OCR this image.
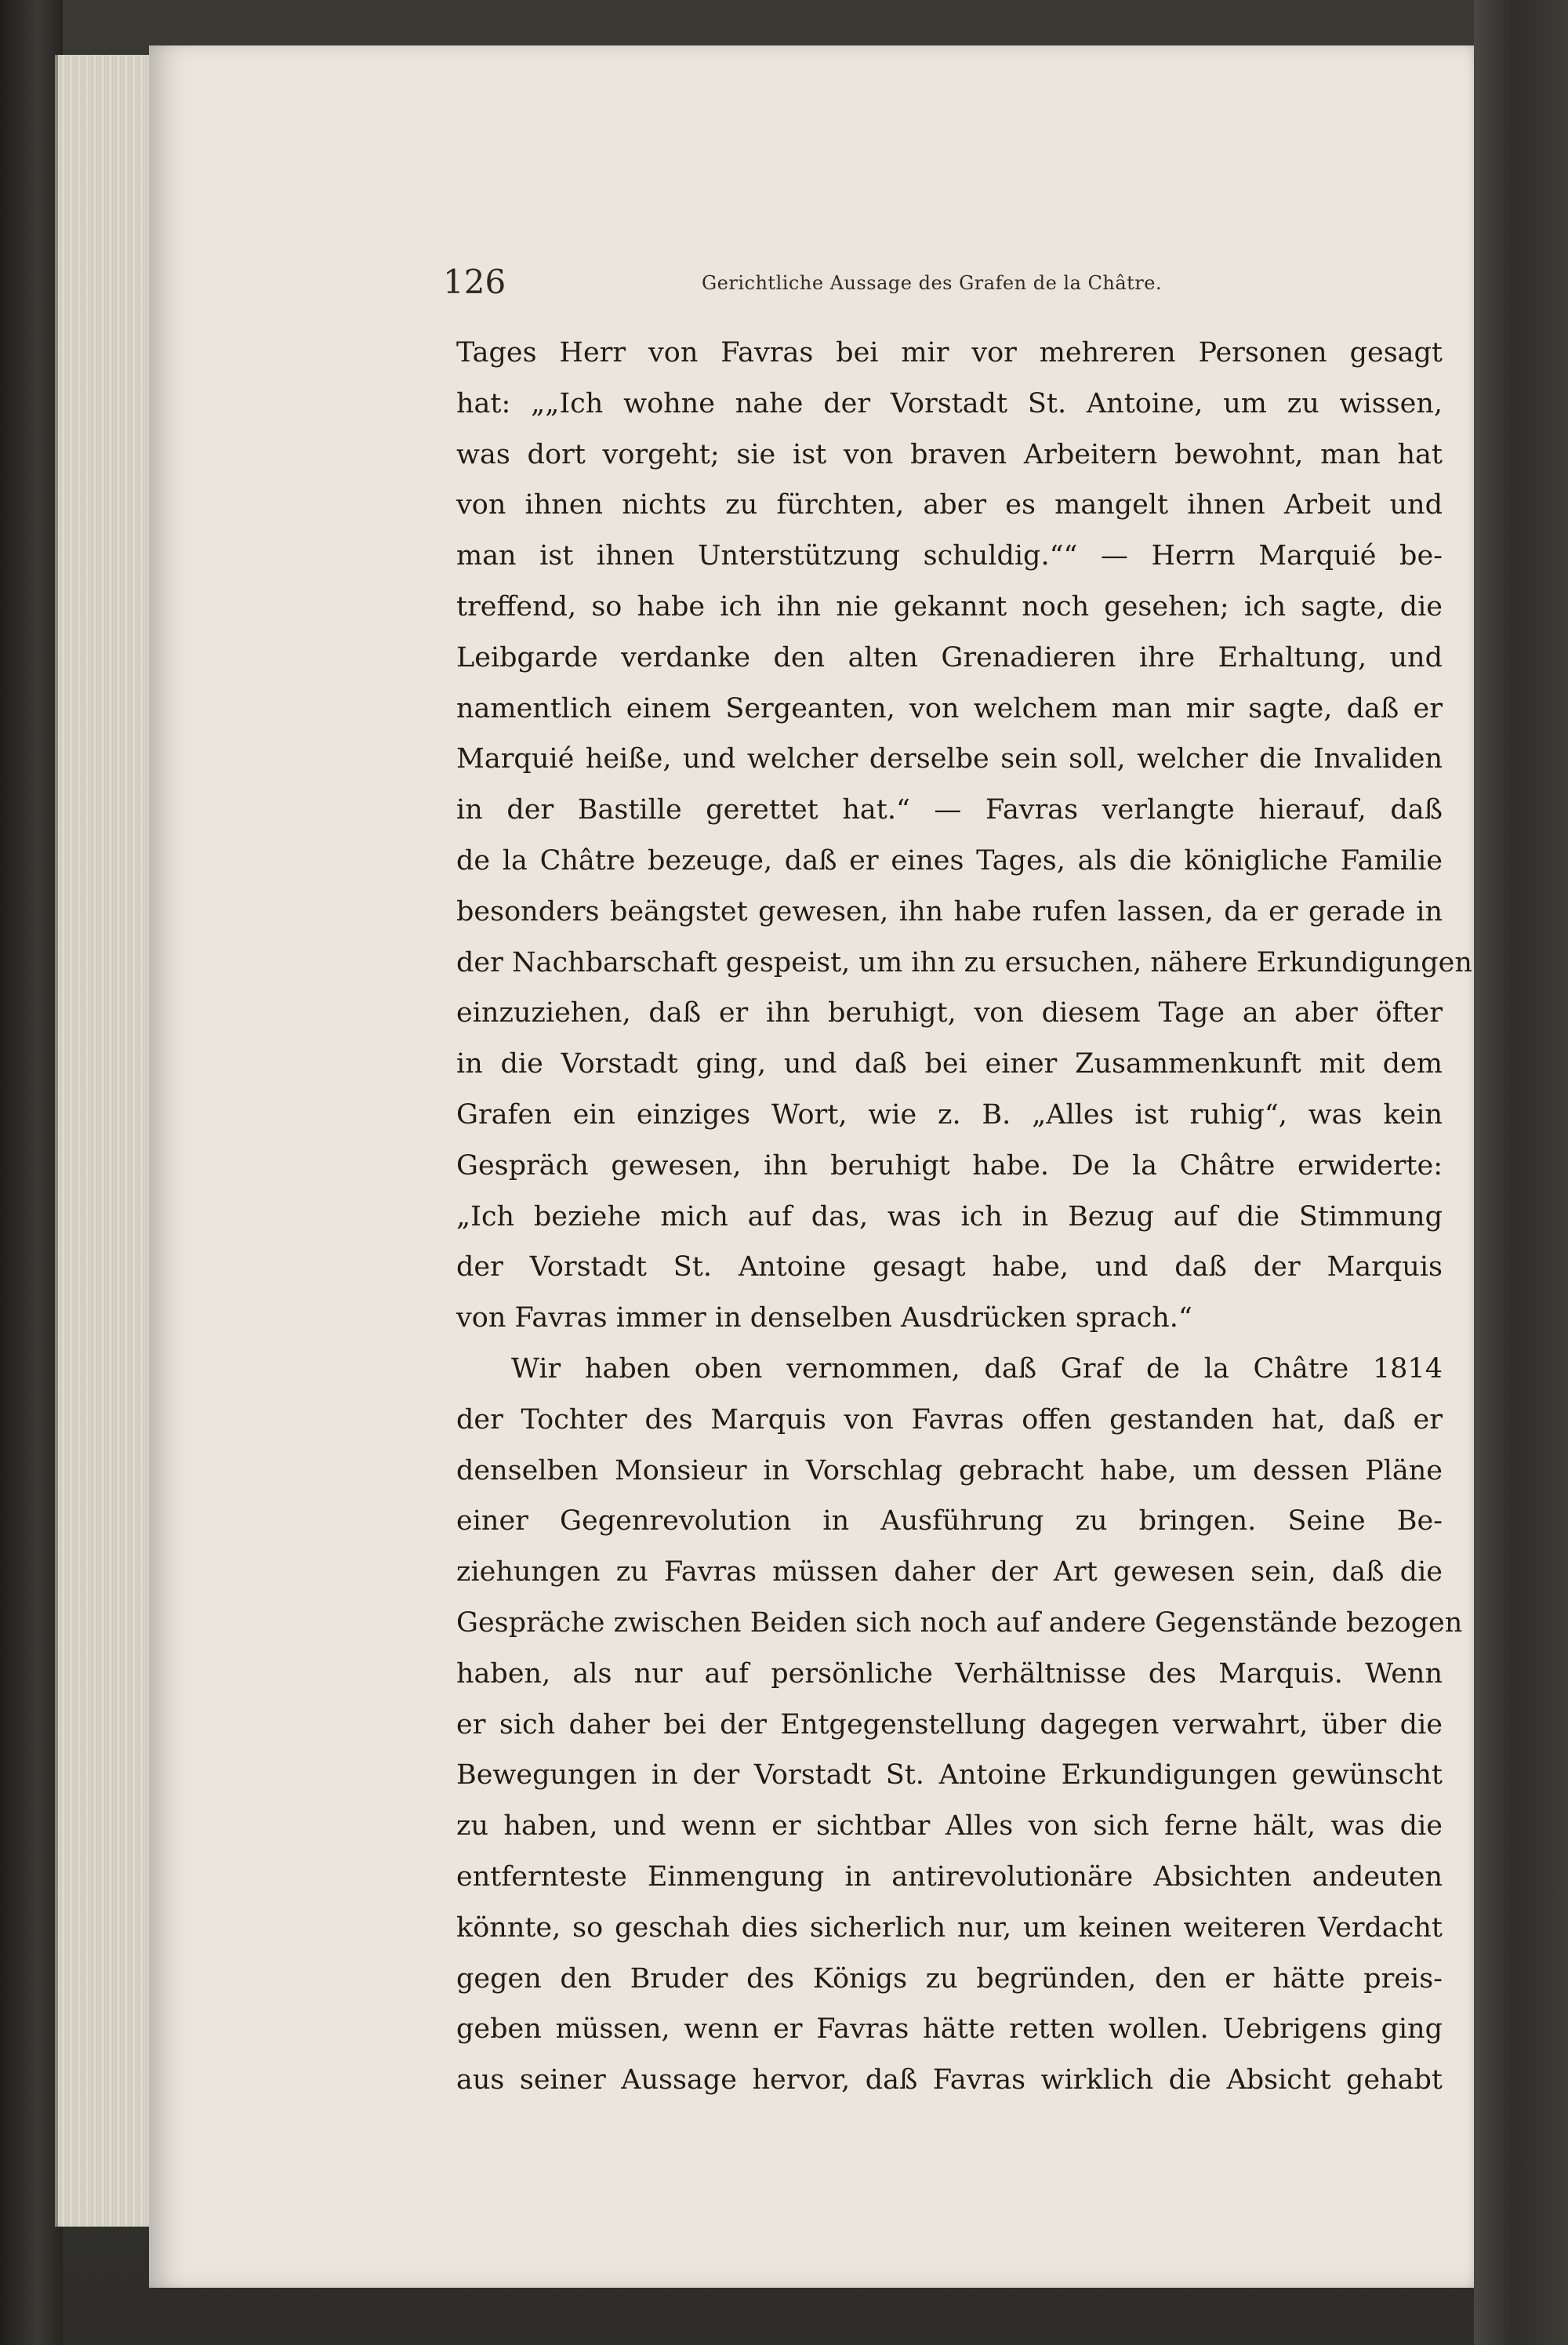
126	Gerichtliche Aussage des Grafen de la Châtre.
Tages Herr von Favras bei mir vor mehreren Personen gesagt
hat: „„Ich wohne nahe der Vorstadt St. Antoine, um zu wissen,
was dort vorgeht; sie ist von braven Arbeitern bewohnt, man hat
von ihnen nichts zu fürchten, aber es mangelt ihnen Arbeit und
man ist ihnen Unterstützung schuldig.““ — Herrn Marquié be-
treffend, so habe ich ihn nie gekannt noch gesehen; ich sagte, die
Leibgarde verdanke den alten Grenadieren ihre Erhaltung, und
namentlich einem Sergeanten, von welchem man mir sagte, daß er
Marquié heiße, und welcher derselbe sein soll, welcher die Invaliden
in der Bastille gerettet hat.“ — Favras verlangte hierauf, daß
de la Châtre bezeuge, daß er eines Tages, als die königliche Familie
besonders beängstet gewesen, ihn habe rufen lassen, da er gerade in
der Nachbarschaft gespeist, um ihn zu ersuchen, nähere Erkundigungen
einzuziehen, daß er ihn beruhigt, von diesem Tage an aber öfter
in die Vorstadt ging, und daß bei einer Zusammenkunft mit dem
Grafen ein einziges Wort, wie z. B. „Alles ist ruhig“, was kein
Gespräch gewesen, ihn beruhigt habe. De la Châtre erwiderte:
„Ich beziehe mich auf das, was ich in Bezug auf die Stimmung
der Vorstadt St. Antoine gesagt habe, und daß der Marquis
von Favras immer in denselben Ausdrücken sprach.“
Wir haben oben vernommen, daß Graf de la Châtre 1814
der Tochter des Marquis von Favras offen gestanden hat, daß er
denselben Monsieur in Vorschlag gebracht habe, um dessen Pläne
einer Gegenrevolution in Ausführung zu bringen. Seine Be-
ziehungen zu Favras müssen daher der Art gewesen sein, daß die
Gespräche zwischen Beiden sich noch auf andere Gegenstände bezogen
haben, als nur auf persönliche Verhältnisse des Marquis. Wenn
er sich daher bei der Entgegenstellung dagegen verwahrt, über die
Bewegungen in der Vorstadt St. Antoine Erkundigungen gewünscht
zu haben, und wenn er sichtbar Alles von sich ferne hält, was die
entfernteste Einmengung in antirevolutionäre Absichten andeuten
könnte, so geschah dies sicherlich nur, um keinen weiteren Verdacht
gegen den Bruder des Königs zu begründen, den er hätte preis-
geben müssen, wenn er Favras hätte retten wollen. Uebrigens ging
aus seiner Aussage hervor, daß Favras wirklich die Absicht gehabt
